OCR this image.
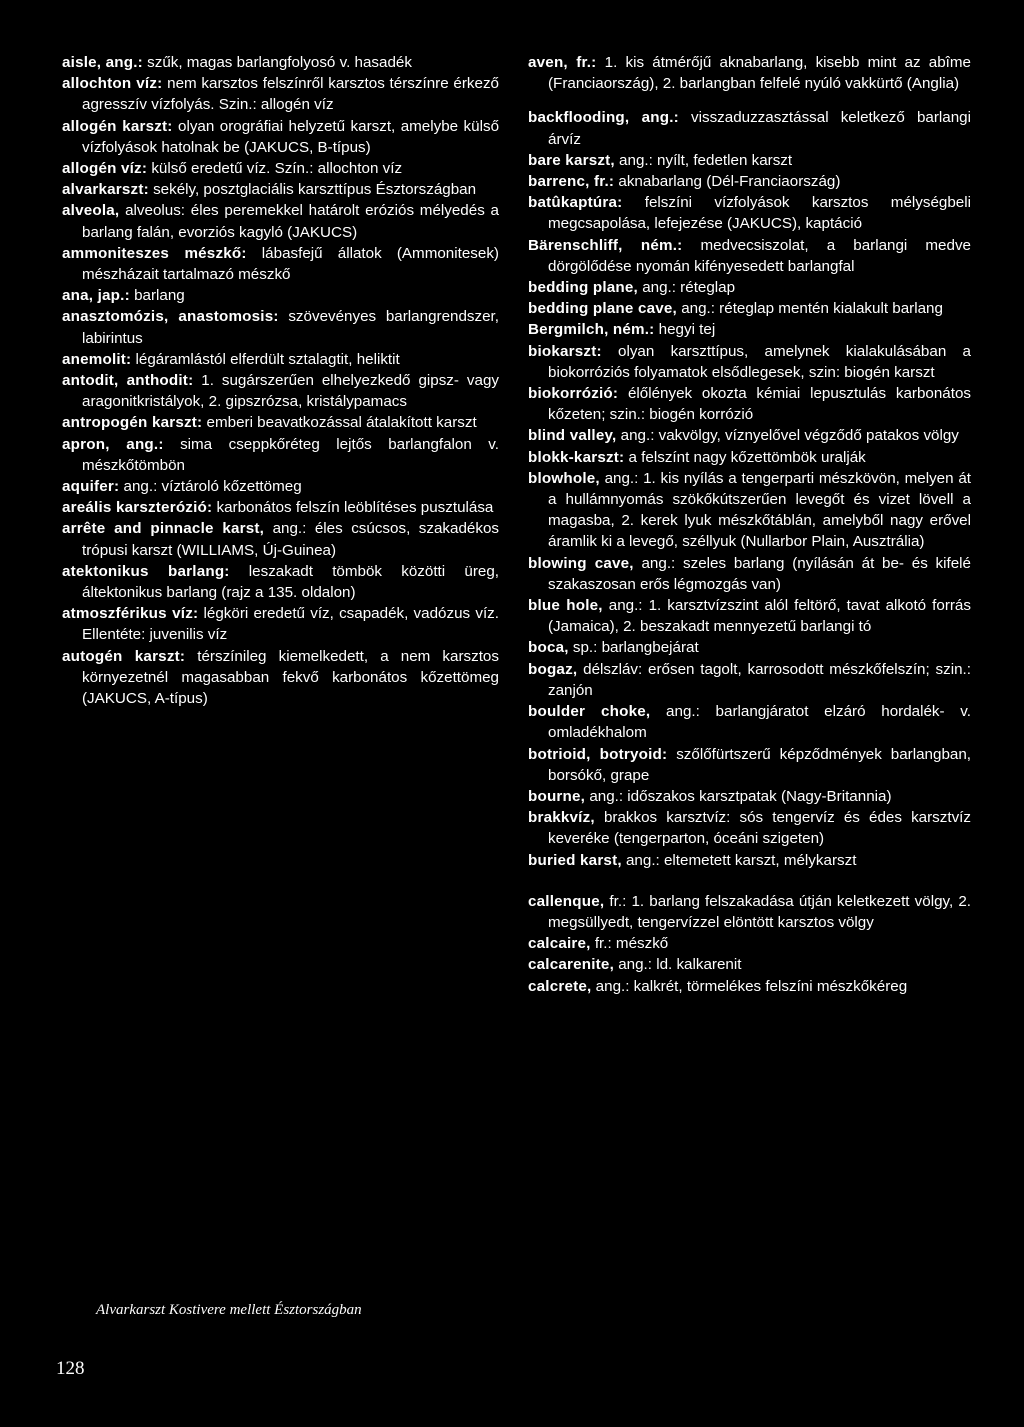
aisle, ang.: szűk, magas barlangfolyosó v. hasadék

allochton víz: nem karsztos felszínről karsztos térszínre érkező agresszív vízfolyás. Szin.: allogén víz

allogén karszt: olyan orográfiai helyzetű karszt, amelybe külső vízfolyások hatolnak be (JAKUCS, B-típus)

allogén víz: külső eredetű víz. Szín.: allochton víz

alvarkarszt: sekély, posztglaciális karszttípus Észtországban

alveola, alveolus: éles peremekkel határolt eróziós mélyedés a barlang falán, evorziós kagyló (JAKUCS)

ammoniteszes mészkő: lábasfejű állatok (Ammonitesek) mészházait tartalmazó mészkő

ana, jap.: barlang

anasztomózis, anastomosis: szövevényes barlangrendszer, labirintus

anemolit: légáramlástól elferdült sztalagtit, heliktit

antodit, anthodit: 1. sugárszerűen elhelyezkedő gipsz- vagy aragonitkristályok, 2. gipszrózsa, kristálypamacs

antropogén karszt: emberi beavatkozással átalakított karszt

apron, ang.: sima cseppkőréteg lejtős barlangfalon v. mészkőtömbön

aquifer: ang.: víztároló kőzettömeg

areális karszterózió: karbonátos felszín leöblítéses pusztulása

arrête and pinnacle karst, ang.: éles csúcsos, szakadékos trópusi karszt (WILLIAMS, Új-Guinea)

atektonikus barlang: leszakadt tömbök közötti üreg, áltektonikus barlang (rajz a 135. oldalon)

atmoszférikus víz: légköri eredetű víz, csapadék, vadózus víz. Ellentéte: juvenilis víz

autogén karszt: térszínileg kiemelkedett, a nem karsztos környezetnél magasabban fekvő karbonátos kőzettömeg (JAKUCS, A-típus)

aven, fr.: 1. kis átmérőjű aknabarlang, kisebb mint az abîme (Franciaország), 2. barlangban felfelé nyúló vakkürtő (Anglia)

backflooding, ang.: visszaduzzasztással keletkező barlangi árvíz

bare karszt, ang.: nyílt, fedetlen karszt

barrenc, fr.: aknabarlang (Dél-Franciaország)

batûkaptúra: felszíni vízfolyások karsztos mélységbeli megcsapolása, lefejezése (JAKUCS), kaptáció

Bärenschliff, ném.: medvecsiszolat, a barlangi medve dörgölődése nyomán kifényesedett barlangfal

bedding plane, ang.: réteglap

bedding plane cave, ang.: réteglap mentén kialakult barlang

Bergmilch, ném.: hegyi tej

biokarszt: olyan karszttípus, amelynek kialakulásában a biokorróziós folyamatok elsődlegesek, szin: biogén karszt

biokorrózió: élőlények okozta kémiai lepusztulás karbonátos kőzeten; szin.: biogén korrózió

blind valley, ang.: vakvölgy, víznyelővel végződő patakos völgy

blokk-karszt: a felszínt nagy kőzettömbök uralják

blowhole, ang.: 1. kis nyílás a tengerparti mészkövön, melyen át a hullámnyomás szökőkútszerűen levegőt és vizet lövell a magasba, 2. kerek lyuk mészkőtáblán, amelyből nagy erővel áramlik ki a levegő, széllyuk (Nullarbor Plain, Ausztrália)

blowing cave, ang.: szeles barlang (nyílásán át be- és kifelé szakaszosan erős légmozgás van)

blue hole, ang.: 1. karsztvízszint alól feltörő, tavat alkotó forrás (Jamaica), 2. beszakadt mennyezetű barlangi tó

boca, sp.: barlangbejárat

bogaz, délszláv: erősen tagolt, karrosodott mészkőfelszín; szin.: zanjón

boulder choke, ang.: barlangjáratot elzáró hordalék- v. omladékhalom

botrioid, botryoid: szőlőfürtszerű képződmények barlangban, borsókő, grape

bourne, ang.: időszakos karsztpatak (Nagy-Britannia)

brakkvíz, brakkos karsztvíz: sós tengervíz és édes karsztvíz keveréke (tengerparton, óceáni szigeten)

buried karst, ang.: eltemetett karszt, mélykarszt

callenque, fr.: 1. barlang felszakadása útján keletkezett völgy, 2. megsüllyedt, tengervízzel elöntött karsztos völgy

calcaire, fr.: mészkő

calcarenite, ang.: ld. kalkarenit

calcrete, ang.: kalkrét, törmelékes felszíni mészkőkéreg

Alvarkarszt Kostivere mellett Észtországban
128
